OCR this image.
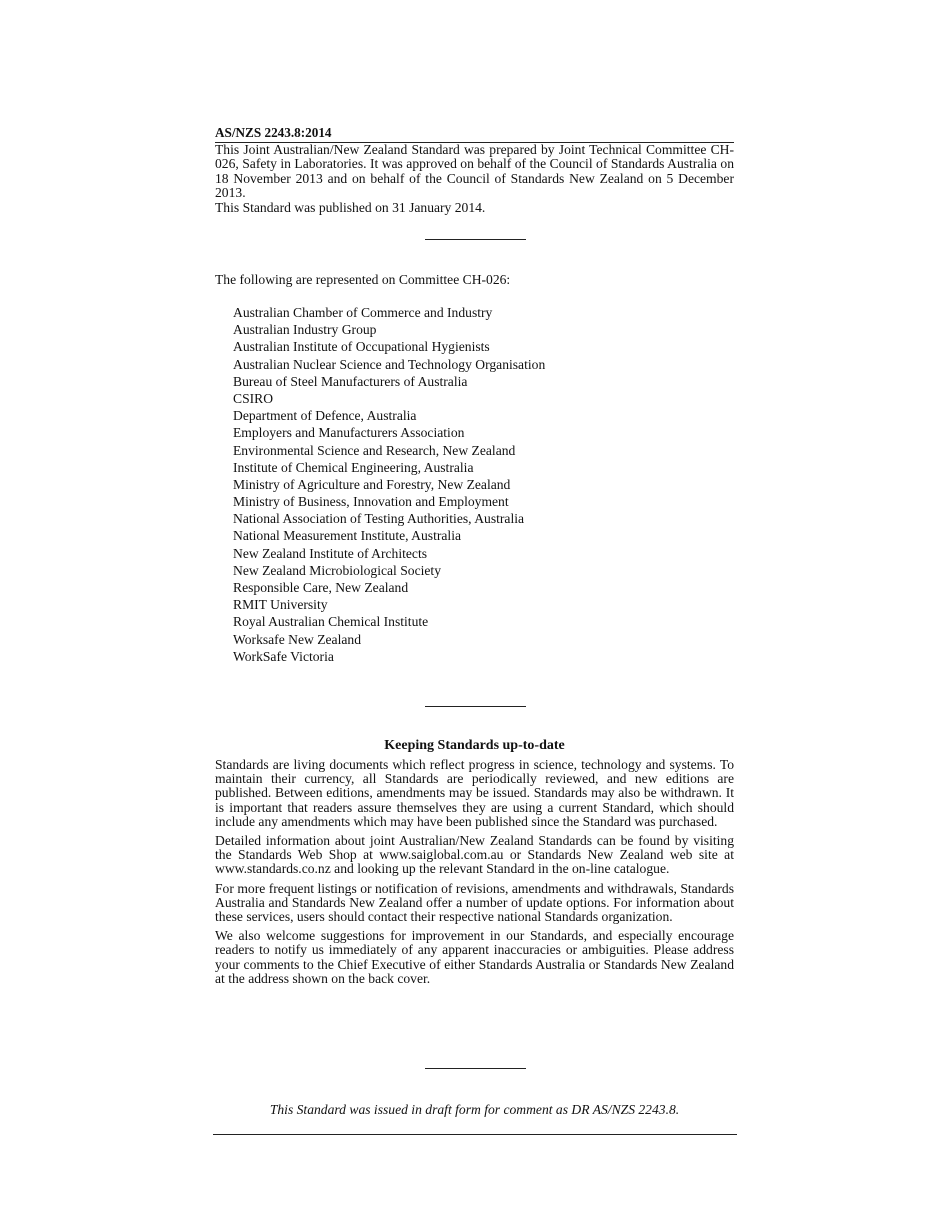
AS/NZS 2243.8:2014

This Joint Australian/New Zealand Standard was prepared by Joint Technical Committee CH-026, Safety in Laboratories. It was approved on behalf of the Council of Standards Australia on 18 November 2013 and on behalf of the Council of Standards New Zealand on 5 December 2013.

This Standard was published on 31 January 2014.

The following are represented on Committee CH-026:

Australian Chamber of Commerce and Industry
Australian Industry Group
Australian Institute of Occupational Hygienists
Australian Nuclear Science and Technology Organisation
Bureau of Steel Manufacturers of Australia
CSIRO
Department of Defence, Australia
Employers and Manufacturers Association
Environmental Science and Research, New Zealand
Institute of Chemical Engineering, Australia
Ministry of Agriculture and Forestry, New Zealand
Ministry of Business, Innovation and Employment
National Association of Testing Authorities, Australia
National Measurement Institute, Australia
New Zealand Institute of Architects
New Zealand Microbiological Society
Responsible Care, New Zealand
RMIT University
Royal Australian Chemical Institute
Worksafe New Zealand
WorkSafe Victoria
Keeping Standards up-to-date

Standards are living documents which reflect progress in science, technology and systems. To maintain their currency, all Standards are periodically reviewed, and new editions are published. Between editions, amendments may be issued. Standards may also be withdrawn. It is important that readers assure themselves they are using a current Standard, which should include any amendments which may have been published since the Standard was purchased.

Detailed information about joint Australian/New Zealand Standards can be found by visiting the Standards Web Shop at www.saiglobal.com.au or Standards New Zealand web site at www.standards.co.nz and looking up the relevant Standard in the on-line catalogue.

For more frequent listings or notification of revisions, amendments and withdrawals, Standards Australia and Standards New Zealand offer a number of update options. For information about these services, users should contact their respective national Standards organization.

We also welcome suggestions for improvement in our Standards, and especially encourage readers to notify us immediately of any apparent inaccuracies or ambiguities. Please address your comments to the Chief Executive of either Standards Australia or Standards New Zealand at the address shown on the back cover.

This Standard was issued in draft form for comment as DR AS/NZS 2243.8.
